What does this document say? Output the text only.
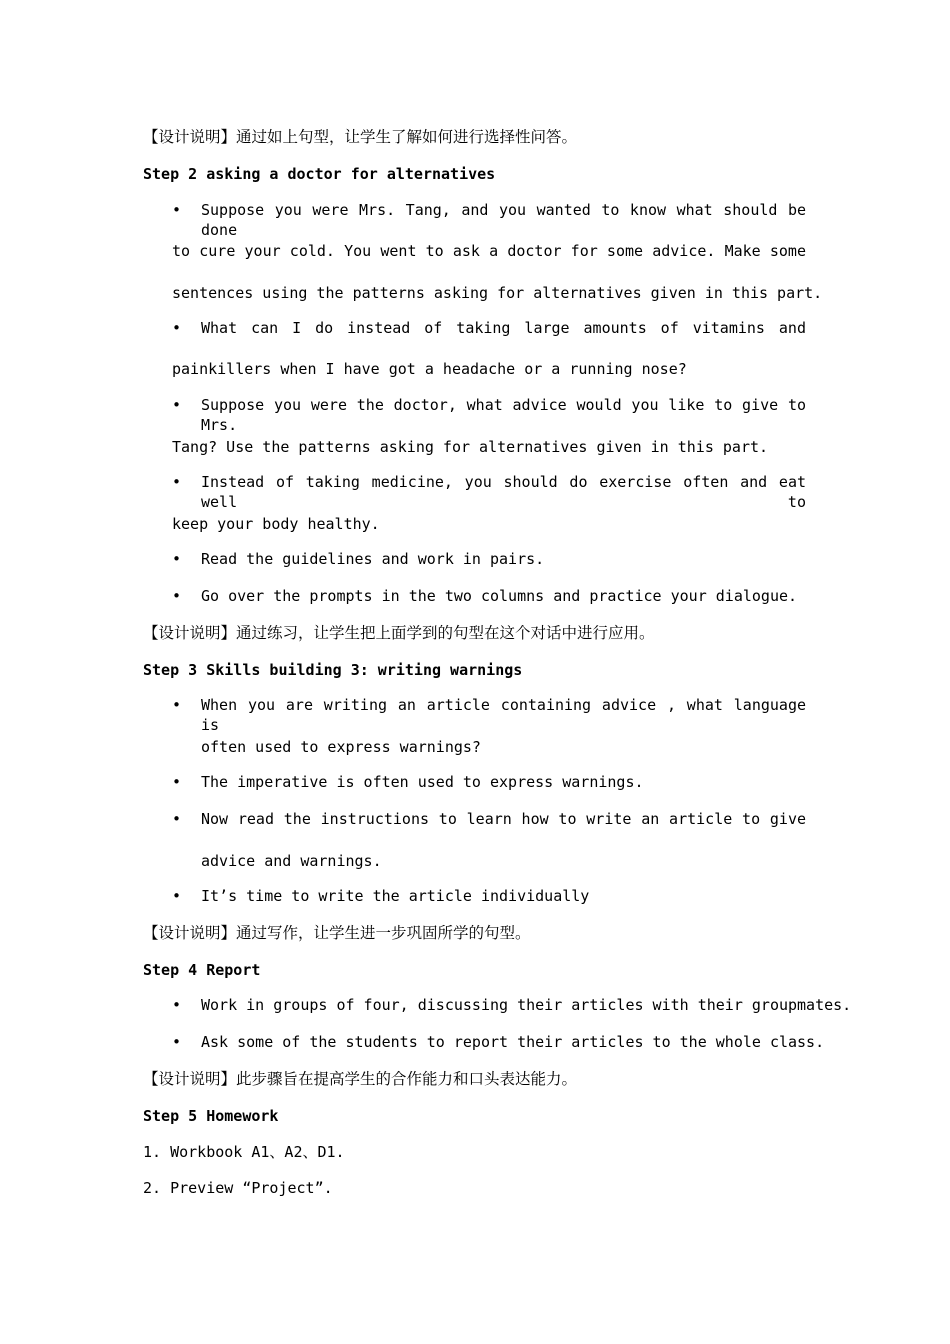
【设计说明】通过如上句型，让学生了解如何进行选择性问答。
Step 2 asking a doctor for alternatives
• Suppose you were Mrs. Tang, and you wanted to know what should be done
to cure your cold. You went to ask a doctor for some advice. Make some
sentences using the patterns asking for alternatives given in this part.
• What can I do instead of taking large amounts of vitamins and
painkillers when I have got a headache or a running nose?
• Suppose you were the doctor, what advice would you like to give to Mrs.
Tang? Use the patterns asking for alternatives given in this part.
• Instead of taking medicine, you should do exercise often and eat well to
keep your body healthy.
• Read the guidelines and work in pairs.
• Go over the prompts in the two columns and practice your dialogue.
【设计说明】通过练习，让学生把上面学到的句型在这个对话中进行应用。
Step 3 Skills building 3: writing warnings
• When you are writing an article containing advice , what language is
often used to express warnings?
• The imperative is often used to express warnings.
• Now read the instructions to learn how to write an article to give
advice and warnings.
• It’s time to write the article individually
【设计说明】通过写作，让学生进一步巩固所学的句型。
Step 4 Report
• Work in groups of four, discussing their articles with their groupmates.
• Ask some of the students to report their articles to the whole class.
【设计说明】此步骤旨在提高学生的合作能力和口头表达能力。
Step 5 Homework
1. Workbook A1、A2、D1.
2. Preview “Project”.
